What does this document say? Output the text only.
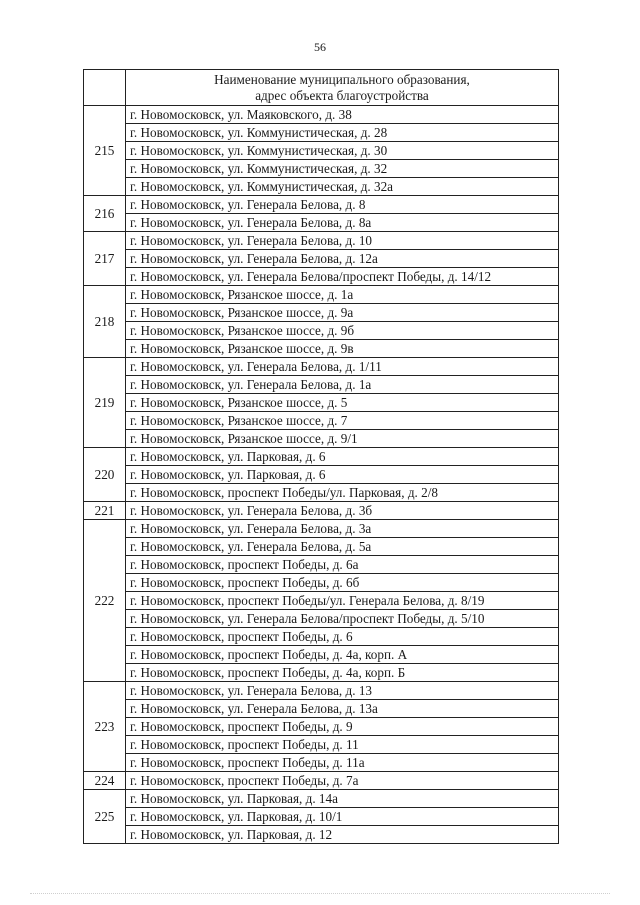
56
	Наименование муниципального образования,
адрес объекта благоустройства
215	г. Новомосковск, ул. Маяковского, д. 38
	г. Новомосковск, ул. Коммунистическая, д. 28
	г. Новомосковск, ул. Коммунистическая, д. 30
	г. Новомосковск, ул. Коммунистическая, д. 32
	г. Новомосковск, ул. Коммунистическая, д. 32а
216	г. Новомосковск, ул. Генерала Белова, д. 8
	г. Новомосковск, ул. Генерала Белова, д. 8а
217	г. Новомосковск, ул. Генерала Белова, д. 10
	г. Новомосковск, ул. Генерала Белова, д. 12а
	г. Новомосковск, ул. Генерала Белова/проспект Победы, д. 14/12
218	г. Новомосковск, Рязанское шоссе, д. 1а
	г. Новомосковск, Рязанское шоссе, д. 9а
	г. Новомосковск, Рязанское шоссе, д. 9б
	г. Новомосковск, Рязанское шоссе, д. 9в
219	г. Новомосковск, ул. Генерала Белова, д. 1/11
	г. Новомосковск, ул. Генерала Белова, д. 1а
	г. Новомосковск, Рязанское шоссе, д. 5
	г. Новомосковск, Рязанское шоссе, д. 7
	г. Новомосковск, Рязанское шоссе, д. 9/1
220	г. Новомосковск, ул. Парковая, д. 6
	г. Новомосковск, ул. Парковая, д. 6
	г. Новомосковск, проспект Победы/ул. Парковая, д. 2/8
221	г. Новомосковск, ул. Генерала Белова, д. 3б
222	г. Новомосковск, ул. Генерала Белова, д. 3а
	г. Новомосковск, ул. Генерала Белова, д. 5а
	г. Новомосковск, проспект Победы, д. 6а
	г. Новомосковск, проспект Победы, д. 6б
	г. Новомосковск, проспект Победы/ул. Генерала Белова, д. 8/19
	г. Новомосковск, ул. Генерала Белова/проспект Победы, д. 5/10
	г. Новомосковск, проспект Победы, д. 6
	г. Новомосковск, проспект Победы, д. 4а, корп. А
	г. Новомосковск, проспект Победы, д. 4а, корп. Б
223	г. Новомосковск, ул. Генерала Белова, д. 13
	г. Новомосковск, ул. Генерала Белова, д. 13а
	г. Новомосковск, проспект Победы, д. 9
	г. Новомосковск, проспект Победы, д. 11
	г. Новомосковск, проспект Победы, д. 11а
224	г. Новомосковск, проспект Победы, д. 7а
225	г. Новомосковск, ул. Парковая, д. 14а
	г. Новомосковск, ул. Парковая, д. 10/1
	г. Новомосковск, ул. Парковая, д. 12
